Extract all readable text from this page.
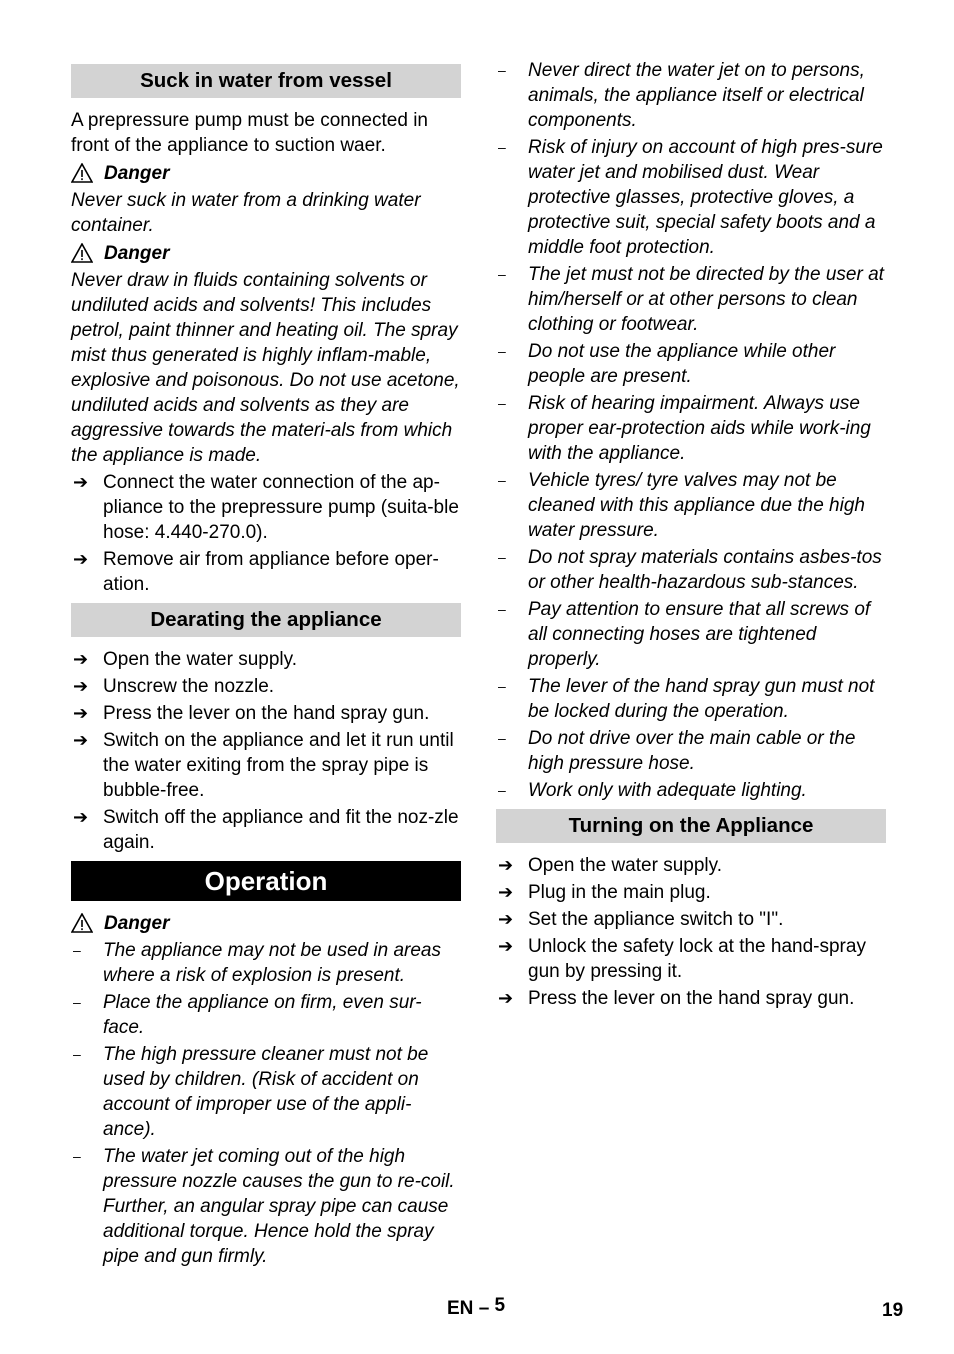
Suck in water from vessel

A prepressure pump must be connected in front of the appliance to suction waer.

Danger

Never suck in water from a drinking water container.

Danger

Never draw in fluids containing solvents or undiluted acids and solvents! This includes petrol, paint thinner and heating oil. The spray mist thus generated is highly inflam-mable, explosive and poisonous. Do not use acetone, undiluted acids and solvents as they are aggressive towards the materi-als from which the appliance is made.

➔ Connect the water connection of the ap-pliance to the prepressure pump (suita-ble hose: 4.440-270.0).
➔ Remove air from appliance before oper-ation.
Dearating the appliance
➔ Open the water supply.
➔ Unscrew the nozzle.
➔ Press the lever on the hand spray gun.
➔ Switch on the appliance and let it run until the water exiting from the spray pipe is bubble-free.
➔ Switch off the appliance and fit the noz-zle again.
Operation
Danger
– The appliance may not be used in areas where a risk of explosion is present.
– Place the appliance on firm, even sur-face.
– The high pressure cleaner must not be used by children. (Risk of accident on account of improper use of the appli-ance).
– The water jet coming out of the high pressure nozzle causes the gun to re-coil. Further, an angular spray pipe can cause additional torque. Hence hold the spray pipe and gun firmly.
– Never direct the water jet on to persons, animals, the appliance itself or electrical components.
– Risk of injury on account of high pres-sure water jet and mobilised dust. Wear protective glasses, protective gloves, a protective suit, special safety boots and a middle foot protection.
– The jet must not be directed by the user at him/herself or at other persons to clean clothing or footwear.
– Do not use the appliance while other people are present.
– Risk of hearing impairment. Always use proper ear-protection aids while work-ing with the appliance.
– Vehicle tyres/ tyre valves may not be cleaned with this appliance due the high water pressure.
– Do not spray materials contains asbes-tos or other health-hazardous sub-stances.
– Pay attention to ensure that all screws of all connecting hoses are tightened properly.
– The lever of the hand spray gun must not be locked during the operation.
– Do not drive over the main cable or the high pressure hose.
– Work only with adequate lighting.
Turning on the Appliance
➔ Open the water supply.
➔ Plug in the main plug.
➔ Set the appliance switch to "I".
➔ Unlock the safety lock at the hand-spray gun by pressing it.
➔ Press the lever on the hand spray gun.
EN – 5	19
